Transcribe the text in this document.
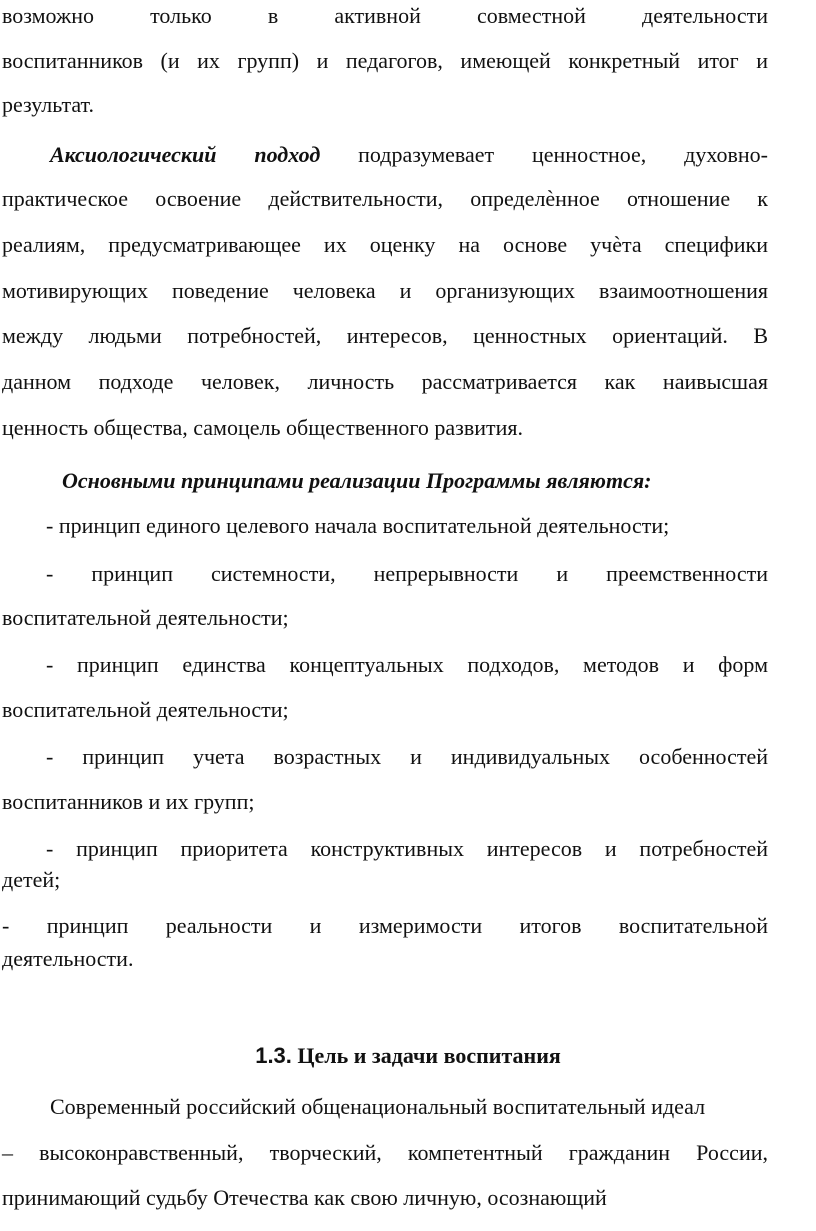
возможно только в активной совместной деятельности
воспитанников (и их групп) и педагогов, имеющей конкретный итог и
результат.
Аксиологический подход подразумевает ценностное, духовно-
практическое освоение действительности, определѐнное отношение к
реалиям, предусматривающее их оценку на основе учѐта специфики
мотивирующих поведение человека и организующих взаимоотношения
между людьми потребностей, интересов, ценностных ориентаций. В
данном подходе человек, личность рассматривается как наивысшая
ценность общества, самоцель общественного развития.
Основными принципами реализации Программы являются:
- принцип единого целевого начала воспитательной деятельности;
- принцип системности, непрерывности и преемственности
воспитательной деятельности;
- принцип единства концептуальных подходов, методов и форм
воспитательной деятельности;
- принцип учета возрастных и индивидуальных особенностей
воспитанников и их групп;
- принцип приоритета конструктивных интересов и потребностей
детей;
- принцип реальности и измеримости итогов воспитательной
деятельности.
1.3. Цель и задачи воспитания
Современный российский общенациональный воспитательный идеал
– высоконравственный, творческий, компетентный гражданин России,
принимающий судьбу Отечества как свою личную, осознающий
